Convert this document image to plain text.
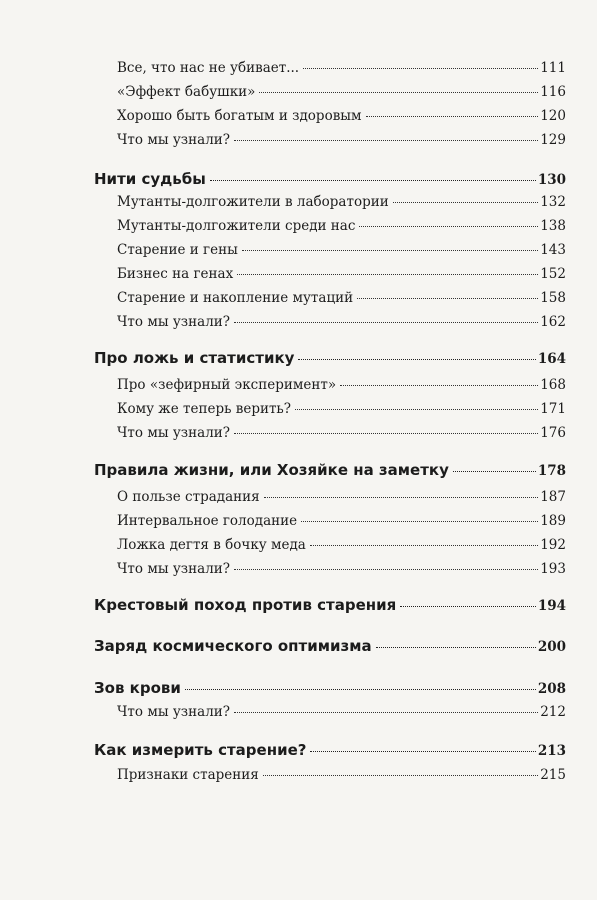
Все, что нас не убивает...	111
«Эффект бабушки»	116
Хорошо быть богатым и здоровым	120
Что мы узнали?	129
Нити судьбы	130
Мутанты-долгожители в лаборатории	132
Мутанты-долгожители среди нас	138
Старение и гены	143
Бизнес на генах	152
Старение и накопление мутаций	158
Что мы узнали?	162
Про ложь и статистику	164
Про «зефирный эксперимент»	168
Кому же теперь верить?	171
Что мы узнали?	176
Правила жизни, или Хозяйке на заметку	178
О пользе страдания	187
Интервальное голодание	189
Ложка дегтя в бочку меда	192
Что мы узнали?	193
Крестовый поход против старения	194
Заряд космического оптимизма	200
Зов крови	208
Что мы узнали?	212
Как измерить старение?	213
Признаки старения	215
